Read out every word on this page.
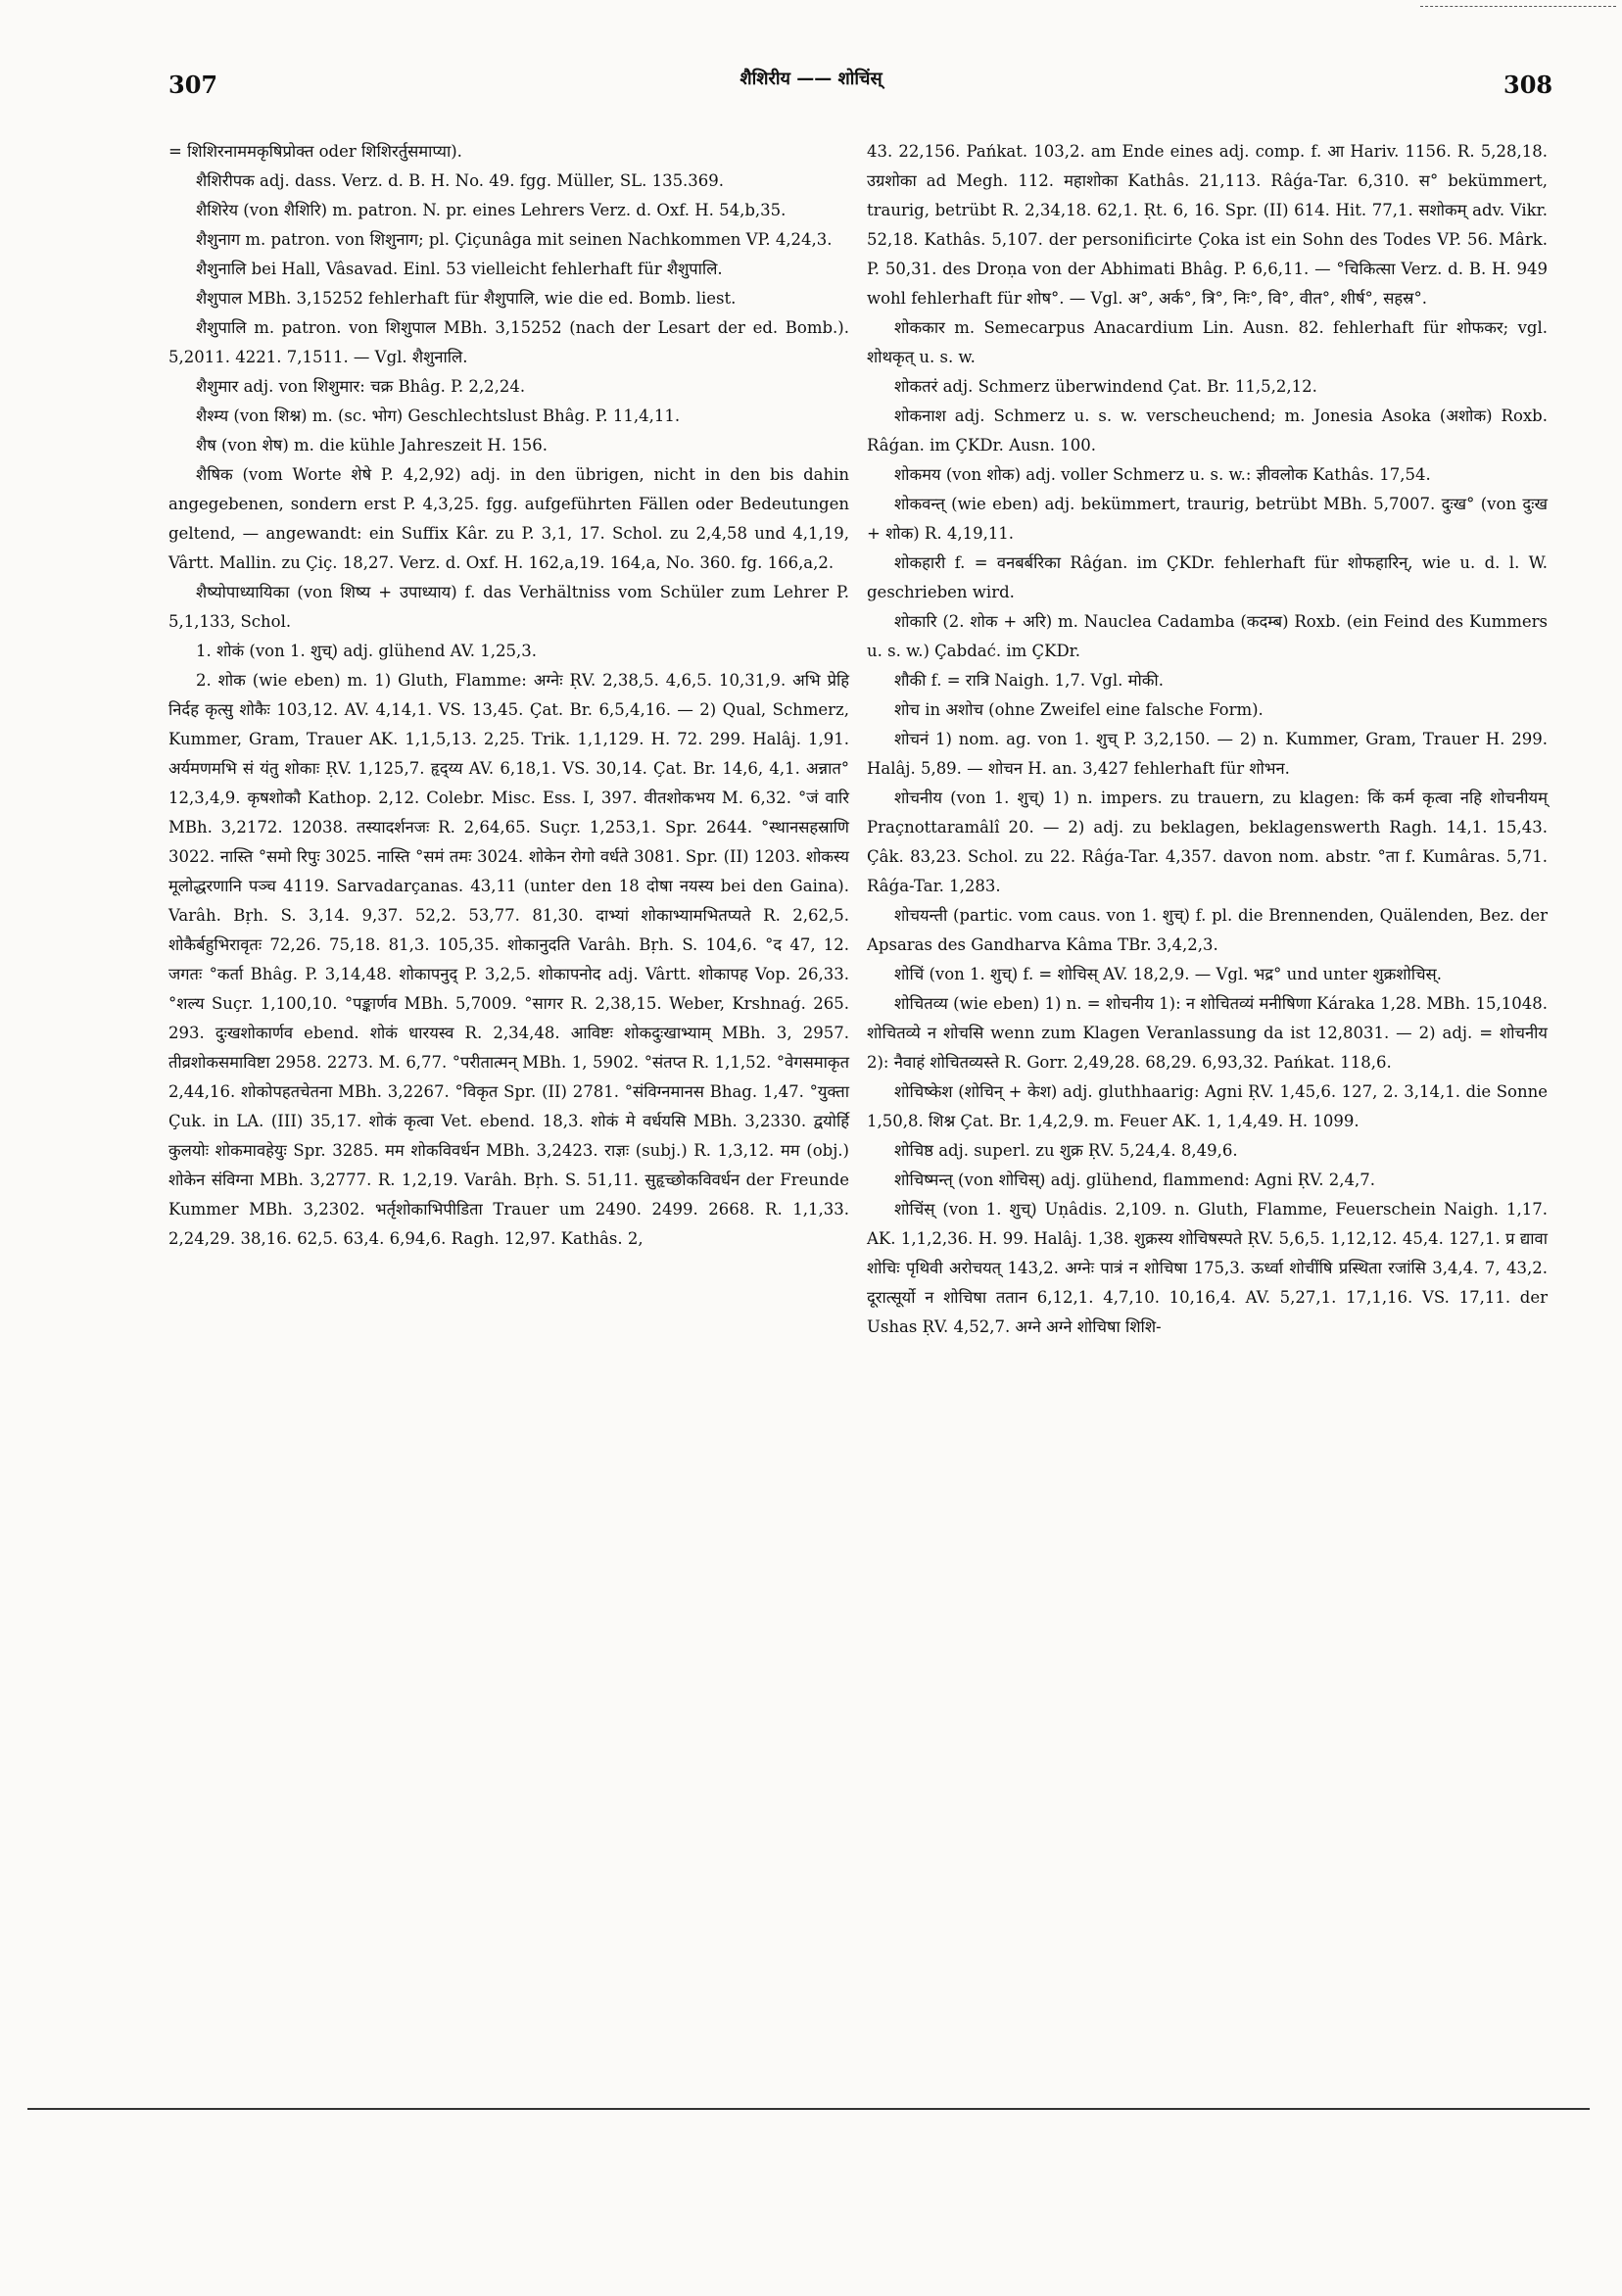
307	शैशिरीय —— शोचिंस्	308

= शिशिरनाममकृषिप्रोक्त oder शिशिरर्तुसमाप्या).

शैशिरीपक adj. dass. Verz. d. B. H. No. 49. fgg. Müller, SL. 135.369.

शैशिरेय (von शैशिरि) m. patron. N. pr. eines Lehrers Verz. d. Oxf. H. 54,b,35.

शैशुनाग m. patron. von शिशुनाग; pl. Çiçunâga mit seinen Nachkommen VP. 4,24,3.

शैशुनालि bei Hall, Vâsavad. Einl. 53 vielleicht fehlerhaft für शैशुपालि.

शैशुपाल MBh. 3,15252 fehlerhaft für शैशुपालि, wie die ed. Bomb. liest.

शैशुपालि m. patron. von शिशुपाल MBh. 3,15252 (nach der Lesart der ed. Bomb.). 5,2011. 4221. 7,1511. — Vgl. शैशुनालि.

शैशुमार adj. von शिशुमार: चक्र Bhâg. P. 2,2,24.

शैश्म्य (von शिश्न) m. (sc. भोग) Geschlechtslust Bhâg. P. 11,4,11.

शैष (von शेष) m. die kühle Jahreszeit H. 156.

शैषिक (vom Worte शेषे P. 4,2,92) adj. in den übrigen, nicht in den bis dahin angegebenen, sondern erst P. 4,3,25. fgg. aufgeführten Fällen oder Bedeutungen geltend, — angewandt: ein Suffix Kâr. zu P. 3,1, 17. Schol. zu 2,4,58 und 4,1,19, Vârtt. Mallin. zu Çiç. 18,27. Verz. d. Oxf. H. 162,a,19. 164,a, No. 360. fg. 166,a,2.

शैष्योपाध्यायिका (von शिष्य + उपाध्याय) f. das Verhältniss vom Schüler zum Lehrer P. 5,1,133, Schol.

1. शोकं (von 1. शुच्) adj. glühend AV. 1,25,3.

2. शोक (wie eben) m. 1) Gluth, Flamme: अग्नेः ṚV. 2,38,5. 4,6,5. 10,31,9. अभि प्रेहि निर्दह कृत्सु शोकैः 103,12. AV. 4,14,1. VS. 13,45. Çat. Br. 6,5,4,16. — 2) Qual, Schmerz, Kummer, Gram, Trauer AK. 1,1,5,13. 2,25. Trik. 1,1,129. H. 72. 299. Halâj. 1,91. अर्यमणमभि सं यंतु शोकाः ṚV. 1,125,7. हृद्य्य AV. 6,18,1. VS. 30,14. Çat. Br. 14,6, 4,1. अन्नात° 12,3,4,9. कृषशोकौ Kathop. 2,12. Colebr. Misc. Ess. I, 397. वीतशोकभय M. 6,32. °जं वारि MBh. 3,2172. 12038. तस्यादर्शनजः R. 2,64,65. Suçr. 1,253,1. Spr. 2644. °स्थानसहस्राणि 3022. नास्ति °समो रिपुः 3025. नास्ति °समं तमः 3024. शोकेन रोगो वर्धते 3081. Spr. (II) 1203. शोकस्य मूलोद्धरणानि पञ्च 4119. Sarvadarçanas. 43,11 (unter den 18 दोषा नयस्य bei den Gaina). Varâh. Bṛh. S. 3,14. 9,37. 52,2. 53,77. 81,30. दाभ्यां शोकाभ्यामभितप्यते R. 2,62,5. शोकैर्बहुभिरावृतः 72,26. 75,18. 81,3. 105,35. शोकानुदति Varâh. Bṛh. S. 104,6. °द 47, 12. जगतः °कर्ता Bhâg. P. 3,14,48. शोकापनुद् P. 3,2,5. शोकापनोद adj. Vârtt. शोकापह Vop. 26,33. °शल्य Suçr. 1,100,10. °पङ्कार्णव MBh. 5,7009. °सागर R. 2,38,15. Weber, Krshnaǵ. 265. 293. दुःखशोकार्णव ebend. शोकं धारयस्व R. 2,34,48. आविष्टः शोकदुःखाभ्याम् MBh. 3, 2957. तीव्रशोकसमाविष्टा 2958. 2273. M. 6,77. °परीतात्मन् MBh. 1, 5902. °संतप्त R. 1,1,52. °वेगसमाकृत 2,44,16. शोकोपहतचेतना MBh. 3,2267. °विकृत Spr. (II) 2781. °संविग्नमानस Bhag. 1,47. °युक्ता Çuk. in LA. (III) 35,17. शोकं कृत्वा Vet. ebend. 18,3. शोकं मे वर्धयसि MBh. 3,2330. द्वयोर्हि कुलयोः शोकमावहेयुः Spr. 3285. मम शोकविवर्धन MBh. 3,2423. राज्ञः (subj.) R. 1,3,12. मम (obj.) शोकेन संविग्ना MBh. 3,2777. R. 1,2,19. Varâh. Bṛh. S. 51,11. सुहृच्छोकविवर्धन der Freunde Kummer MBh. 3,2302. भर्तृशोकाभिपीडिता Trauer um 2490. 2499. 2668. R. 1,1,33. 2,24,29. 38,16. 62,5. 63,4. 6,94,6. Ragh. 12,97. Kathâs. 2,

43. 22,156. Pańkat. 103,2. am Ende eines adj. comp. f. आ Hariv. 1156. R. 5,28,18. उग्रशोका ad Megh. 112. महाशोका Kathâs. 21,113. Râǵa-Tar. 6,310. स° bekümmert, traurig, betrübt R. 2,34,18. 62,1. Ṛt. 6, 16. Spr. (II) 614. Hit. 77,1. सशोकम् adv. Vikr. 52,18. Kathâs. 5,107. der personificirte Çoka ist ein Sohn des Todes VP. 56. Mârk. P. 50,31. des Droṇa von der Abhimati Bhâg. P. 6,6,11. — °चिकित्सा Verz. d. B. H. 949 wohl fehlerhaft für शोष°. — Vgl. अ°, अर्क°, त्रि°, निः°, वि°, वीत°, शीर्ष°, सहस्र°.

शोककार m. Semecarpus Anacardium Lin. Ausn. 82. fehlerhaft für शोफकर; vgl. शोथकृत् u. s. w.

शोकतरं adj. Schmerz überwindend Çat. Br. 11,5,2,12.

शोकनाश adj. Schmerz u. s. w. verscheuchend; m. Jonesia Asoka (अशोक) Roxb. Râǵan. im ÇKDr. Ausn. 100.

शोकमय (von शोक) adj. voller Schmerz u. s. w.: ज्ञीवलोक Kathâs. 17,54.

शोकवन्त् (wie eben) adj. bekümmert, traurig, betrübt MBh. 5,7007. दुःख° (von दुःख + शोक) R. 4,19,11.

शोकहारी f. = वनबर्बरिका Râǵan. im ÇKDr. fehlerhaft für शोफहारिन्, wie u. d. l. W. geschrieben wird.

शोकारि (2. शोक + अरि) m. Nauclea Cadamba (कदम्ब) Roxb. (ein Feind des Kummers u. s. w.) Çabdać. im ÇKDr.

शौकी f. = रात्रि Naigh. 1,7. Vgl. मोकी.

शोच in अशोच (ohne Zweifel eine falsche Form).

शोचनं 1) nom. ag. von 1. शुच् P. 3,2,150. — 2) n. Kummer, Gram, Trauer H. 299. Halâj. 5,89. — शोचन H. an. 3,427 fehlerhaft für शोभन.

शोचनीय (von 1. शुच्) 1) n. impers. zu trauern, zu klagen: किं कर्म कृत्वा नहि शोचनीयम् Praçnottaramâlî 20. — 2) adj. zu beklagen, beklagenswerth Ragh. 14,1. 15,43. Çâk. 83,23. Schol. zu 22. Râǵa-Tar. 4,357. davon nom. abstr. °ता f. Kumâras. 5,71. Râǵa-Tar. 1,283.

शोचयन्ती (partic. vom caus. von 1. शुच्) f. pl. die Brennenden, Quälenden, Bez. der Apsaras des Gandharva Kâma TBr. 3,4,2,3.

शोचिं (von 1. शुच्) f. = शोचिस् AV. 18,2,9. — Vgl. भद्र° und unter शुक्रशोचिस्.

शोचितव्य (wie eben) 1) n. = शोचनीय 1): न शोचितव्यं मनीषिणा Káraka 1,28. MBh. 15,1048. शोचितव्ये न शोचसि wenn zum Klagen Veranlassung da ist 12,8031. — 2) adj. = शोचनीय 2): नैवाहं शोचितव्यस्ते R. Gorr. 2,49,28. 68,29. 6,93,32. Pańkat. 118,6.

शोचिष्केश (शोचिन् + केश) adj. gluthhaarig: Agni ṚV. 1,45,6. 127, 2. 3,14,1. die Sonne 1,50,8. शिश्न Çat. Br. 1,4,2,9. m. Feuer AK. 1, 1,4,49. H. 1099.

शोचिष्ठ adj. superl. zu शुक्र ṚV. 5,24,4. 8,49,6.

शोचिष्मन्त् (von शोचिस्) adj. glühend, flammend: Agni ṚV. 2,4,7.

शोचिंस् (von 1. शुच्) Uṇâdis. 2,109. n. Gluth, Flamme, Feuerschein Naigh. 1,17. AK. 1,1,2,36. H. 99. Halâj. 1,38. शुक्रस्य शोचिषस्पते ṚV. 5,6,5. 1,12,12. 45,4. 127,1. प्र द्यावा शोचिः पृथिवी अरोचयत् 143,2. अग्नेः पात्रं न शोचिषा 175,3. ऊर्ध्वा शोचींषि प्रस्थिता रजांसि 3,4,4. 7, 43,2. दूरात्सूर्यो न शोचिषा ततान 6,12,1. 4,7,10. 10,16,4. AV. 5,27,1. 17,1,16. VS. 17,11. der Ushas ṚV. 4,52,7. अग्ने अग्ने शोचिषा शिशि-
